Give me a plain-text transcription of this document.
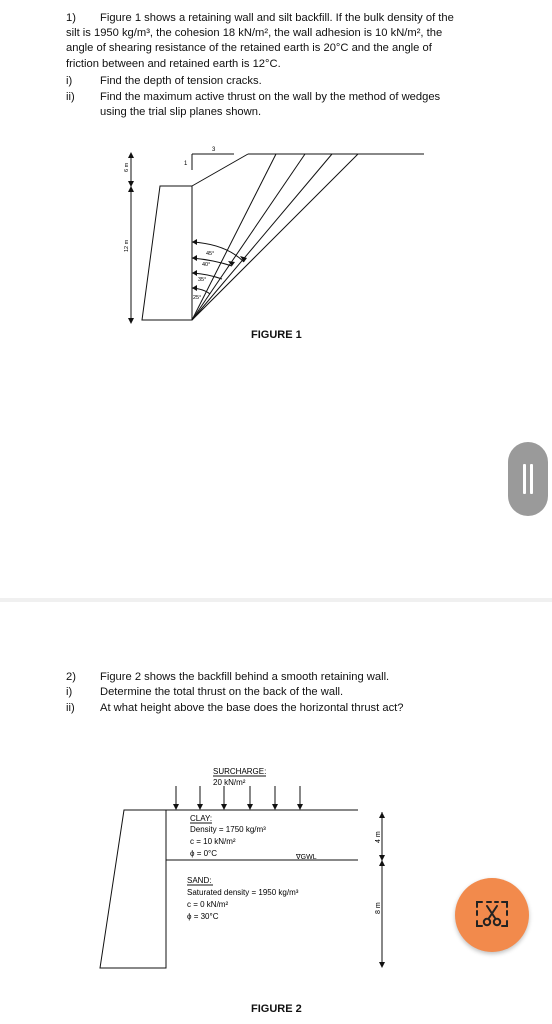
1) Figure 1 shows a retaining wall and silt backfill. If the bulk density of the
silt is 1950 kg/m³, the cohesion 18 kN/m², the wall adhesion is 10 kN/m², the
angle of shearing resistance of the retained earth is 20°C and the angle of
friction between and retained earth is 12°C.
i) Find the depth of tension cracks.
ii) Find the maximum active thrust on the wall by the method of wedges
using the trial slip planes shown.
6 m
12 m
3
1
45°
40°
35°
25°
FIGURE 1
2) Figure 2 shows the backfill behind a smooth retaining wall.
i) Determine the total thrust on the back of the wall.
ii) At what height above the base does the horizontal thrust act?
SURCHARGE:
20 kN/m²
CLAY:
Density = 1750 kg/m³
c = 10 kN/m²
ϕ = 0°C	∇GWL
SAND:
Saturated density = 1950 kg/m³
c = 0 kN/m²
ϕ = 30°C
4 m
8 m
FIGURE 2
